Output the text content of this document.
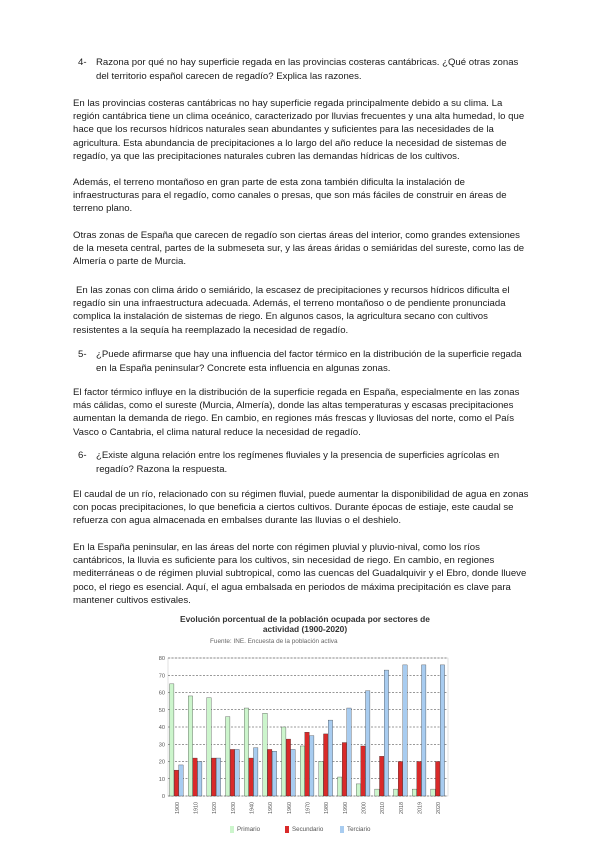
4- Razona por qué no hay superficie regada en las provincias costeras cantábricas. ¿Qué otras zonas del territorio español carecen de regadío? Explica las razones.
En las provincias costeras cantábricas no hay superficie regada principalmente debido a su clima. La región cantábrica tiene un clima oceánico, caracterizado por lluvias frecuentes y una alta humedad, lo que hace que los recursos hídricos naturales sean abundantes y suficientes para las necesidades de la agricultura. Esta abundancia de precipitaciones a lo largo del año reduce la necesidad de sistemas de regadío, ya que las precipitaciones naturales cubren las demandas hídricas de los cultivos.
Además, el terreno montañoso en gran parte de esta zona también dificulta la instalación de infraestructuras para el regadío, como canales o presas, que son más fáciles de construir en áreas de terreno plano.
Otras zonas de España que carecen de regadío son ciertas áreas del interior, como grandes extensiones de la meseta central, partes de la submeseta sur, y las áreas áridas o semiáridas del sureste, como las de Almería o parte de Murcia.
En las zonas con clima árido o semiárido, la escasez de precipitaciones y recursos hídricos dificulta el regadío sin una infraestructura adecuada. Además, el terreno montañoso o de pendiente pronunciada complica la instalación de sistemas de riego. En algunos casos, la agricultura secano con cultivos resistentes a la sequía ha reemplazado la necesidad de regadío.
5- ¿Puede afirmarse que hay una influencia del factor térmico en la distribución de la superficie regada en la España peninsular? Concrete esta influencia en algunas zonas.
El factor térmico influye en la distribución de la superficie regada en España, especialmente en las zonas más cálidas, como el sureste (Murcia, Almería), donde las altas temperaturas y escasas precipitaciones aumentan la demanda de riego. En cambio, en regiones más frescas y lluviosas del norte, como el País Vasco o Cantabria, el clima natural reduce la necesidad de regadío.
6- ¿Existe alguna relación entre los regímenes fluviales y la presencia de superficies agrícolas en regadío? Razona la respuesta.
El caudal de un río, relacionado con su régimen fluvial, puede aumentar la disponibilidad de agua en zonas con pocas precipitaciones, lo que beneficia a ciertos cultivos. Durante épocas de estiaje, este caudal se refuerza con agua almacenada en embalses durante las lluvias o el deshielo.
En la España peninsular, en las áreas del norte con régimen pluvial y pluvio-nival, como los ríos cantábricos, la lluvia es suficiente para los cultivos, sin necesidad de riego. En cambio, en regiones mediterráneas o de régimen pluvial subtropical, como las cuencas del Guadalquivir y el Ebro, donde llueve poco, el riego es esencial. Aquí, el agua embalsada en periodos de máxima precipitación es clave para mantener cultivos estivales.
Evolución porcentual de la población ocupada por sectores de actividad (1900-2020)
Fuente: INE. Encuesta de la población activa
0
10
20
30
40
50
60
70
80
1900 1910 1920 1930 1940 1950 1960 1970 1980 1990 2000 2010 2018 2019 2020
Primario	Secundario	Terciario
